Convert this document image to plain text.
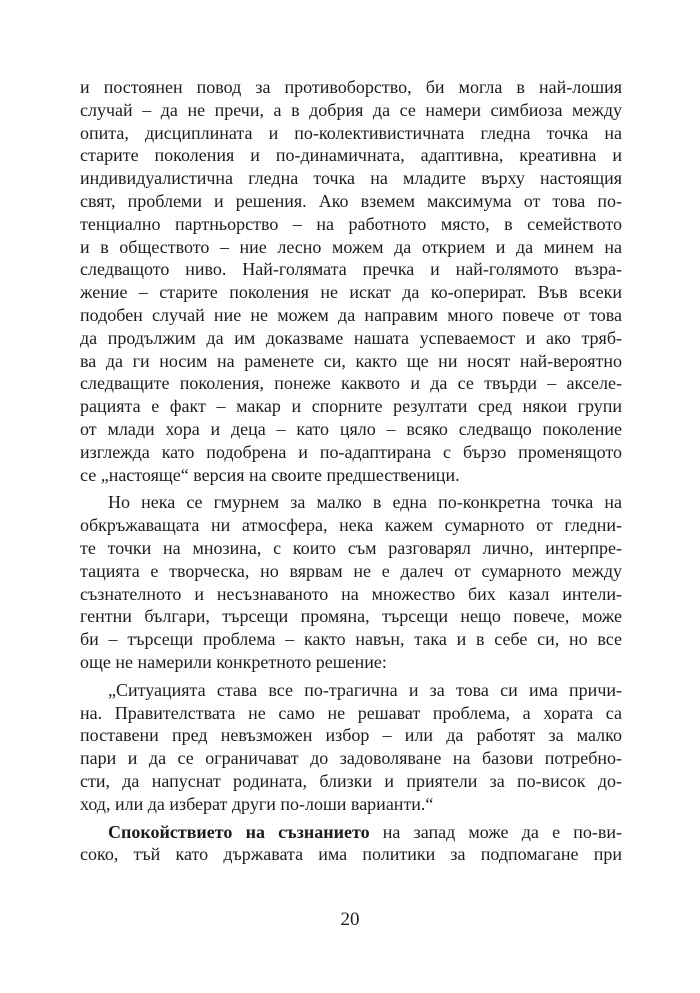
и постоянен повод за противоборство, би могла в най-лошия
случай – да не пречи, а в добрия да се намери симбиоза между
опита, дисциплината и по-колективистичната гледна точка на
старите поколения и по-динамичната, адаптивна, креативна и
индивидуалистична гледна точка на младите върху настоящия
свят, проблеми и решения. Ако вземем максимума от това по-
тенциално партньорство – на работното място, в семейството
и в обществото – ние лесно можем да открием и да минем на
следващото ниво. Най-голямата пречка и най-голямото възра-
жение – старите поколения не искат да ко-оперират. Във всеки
подобен случай ние не можем да направим много повече от това
да продължим да им доказваме нашата успеваемост и ако тряб-
ва да ги носим на раменете си, както ще ни носят най-вероятно
следващите поколения, понеже каквото и да се твърди – акселе-
рацията е факт – макар и спорните резултати сред някои групи
от млади хора и деца – като цяло – всяко следващо поколение
изглежда като подобрена и по-адаптирана с бързо променящото
се „настояще“ версия на своите предшественици.

Но нека се гмурнем за малко в една по-конкретна точка на
обкръжаващата ни атмосфера, нека кажем сумарното от гледни-
те точки на мнозина, с които съм разговарял лично, интерпре-
тацията е творческа, но вярвам не е далеч от сумарното между
съзнателното и несъзнаваното на множество бих казал интели-
гентни българи, търсещи промяна, търсещи нещо повече, може
би – търсещи проблема – както навън, така и в себе си, но все
още не намерили конкретното решение:

„Ситуацията става все по-трагична и за това си има причи-
на. Правителствата не само не решават проблема, а хората са
поставени пред невъзможен избор – или да работят за малко
пари и да се ограничават до задоволяване на базови потребно-
сти, да напуснат родината, близки и приятели за по-висок до-
ход, или да изберат други по-лоши варианти.“

Спокойствието на съзнанието на запад може да е по-ви-
соко, тъй като държавата има политики за подпомагане при

20
